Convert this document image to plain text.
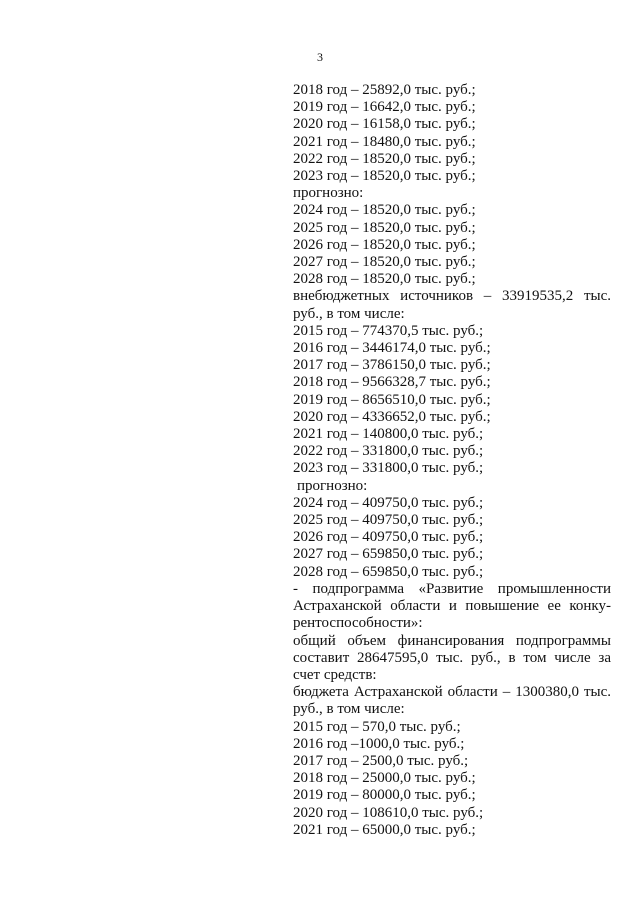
3
2018 год – 25892,0 тыс. руб.;
2019 год – 16642,0 тыс. руб.;
2020 год – 16158,0 тыс. руб.;
2021 год – 18480,0 тыс. руб.;
2022 год – 18520,0 тыс. руб.;
2023 год – 18520,0 тыс. руб.;
прогнозно:
2024 год – 18520,0 тыс. руб.;
2025 год – 18520,0 тыс. руб.;
2026 год – 18520,0 тыс. руб.;
2027 год – 18520,0 тыс. руб.;
2028 год – 18520,0 тыс. руб.;
внебюджетных источников – 33919535,2 тыс.
руб., в том числе:
2015 год – 774370,5 тыс. руб.;
2016 год – 3446174,0 тыс. руб.;
2017 год – 3786150,0 тыс. руб.;
2018 год – 9566328,7 тыс. руб.;
2019 год – 8656510,0 тыс. руб.;
2020 год – 4336652,0 тыс. руб.;
2021 год – 140800,0 тыс. руб.;
2022 год – 331800,0 тыс. руб.;
2023 год – 331800,0 тыс. руб.;
прогнозно:
2024 год – 409750,0 тыс. руб.;
2025 год – 409750,0 тыс. руб.;
2026 год – 409750,0 тыс. руб.;
2027 год – 659850,0 тыс. руб.;
2028 год – 659850,0 тыс. руб.;
- подпрограмма «Развитие промышленности
Астраханской области и повышение ее конку-
рентоспособности»:
общий объем финансирования подпрограммы
составит 28647595,0 тыс. руб., в том числе за
счет средств:
бюджета Астраханской области – 1300380,0 тыс.
руб., в том числе:
2015 год – 570,0 тыс. руб.;
2016 год –1000,0 тыс. руб.;
2017 год – 2500,0 тыс. руб.;
2018 год – 25000,0 тыс. руб.;
2019 год – 80000,0 тыс. руб.;
2020 год – 108610,0 тыс. руб.;
2021 год – 65000,0 тыс. руб.;
